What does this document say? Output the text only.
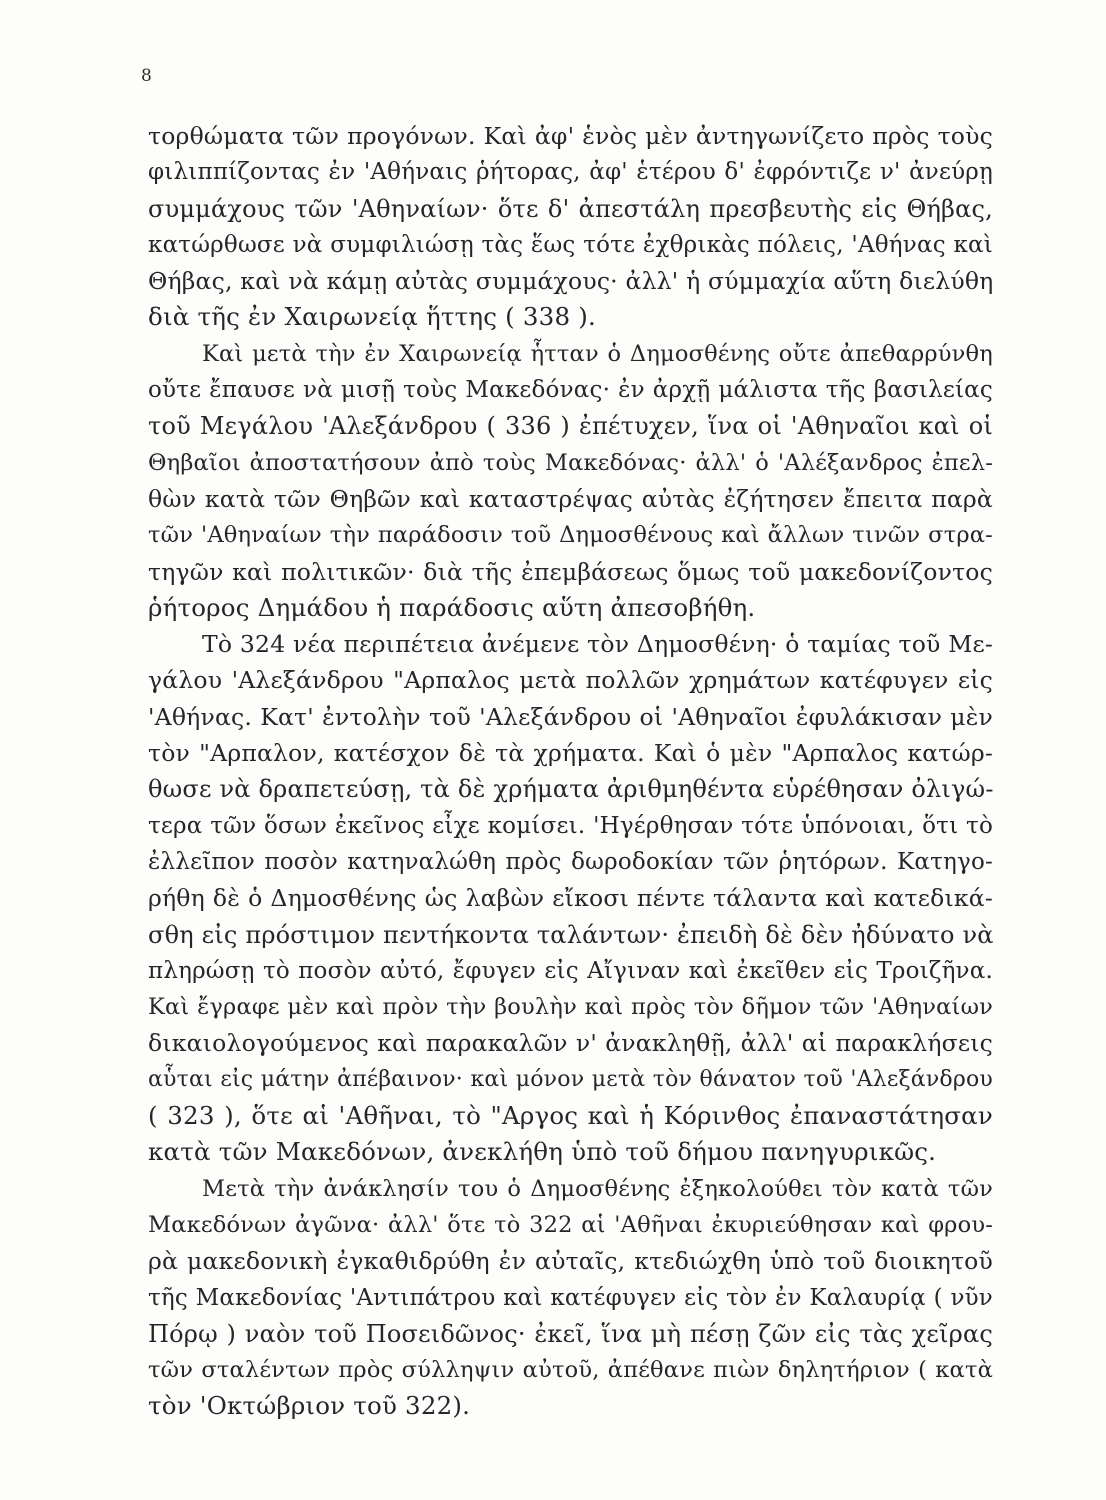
8
τορθώματα τῶν προγόνων. Καὶ ἀφ' ἑνὸς μὲν ἀντηγωνίζετο πρὸς τοὺς
φιλιππίζοντας ἐν 'Αθήναις ῥήτορας, ἀφ' ἑτέρου δ' ἐφρόντιζε ν' ἀνεύρῃ
συμμάχους τῶν 'Αθηναίων· ὅτε δ' ἀπεστάλη πρεσβευτὴς εἰς Θήβας,
κατώρθωσε νὰ συμφιλιώσῃ τὰς ἕως τότε ἐχθρικὰς πόλεις, 'Αθήνας καὶ
Θήβας, καὶ νὰ κάμῃ αὐτὰς συμμάχους· ἀλλ' ἡ σύμμαχία αὕτη διελύθη
διὰ τῆς ἐν Χαιρωνείᾳ ἥττης ( 338 ).
Καὶ μετὰ τὴν ἐν Χαιρωνείᾳ ἧτταν ὁ Δημοσθένης οὔτε ἀπεθαρρύνθη
οὔτε ἔπαυσε νὰ μισῇ τοὺς Μακεδόνας· ἐν ἀρχῇ μάλιστα τῆς βασιλείας
τοῦ Μεγάλου 'Αλεξάνδρου ( 336 ) ἐπέτυχεν, ἵνα οἱ 'Αθηναῖοι καὶ οἱ
Θηβαῖοι ἀποστατήσουν ἀπὸ τοὺς Μακεδόνας· ἀλλ' ὁ 'Αλέξανδρος ἐπελ-
θὼν κατὰ τῶν Θηβῶν καὶ καταστρέψας αὐτὰς ἐζήτησεν ἔπειτα παρὰ
τῶν 'Αθηναίων τὴν παράδοσιν τοῦ Δημοσθένους καὶ ἄλλων τινῶν στρα-
τηγῶν καὶ πολιτικῶν· διὰ τῆς ἐπεμβάσεως ὅμως τοῦ μακεδονίζοντος
ῥήτορος Δημάδου ἡ παράδοσις αὕτη ἀπεσοβήθη.
Τὸ 324 νέα περιπέτεια ἀνέμενε τὸν Δημοσθένη· ὁ ταμίας τοῦ Με-
γάλου 'Αλεξάνδρου "Αρπαλος μετὰ πολλῶν χρημάτων κατέφυγεν εἰς
'Αθήνας. Κατ' ἐντολὴν τοῦ 'Αλεξάνδρου οἱ 'Αθηναῖοι ἐφυλάκισαν μὲν
τὸν "Αρπαλον, κατέσχον δὲ τὰ χρήματα. Καὶ ὁ μὲν "Αρπαλος κατώρ-
θωσε νὰ δραπετεύσῃ, τὰ δὲ χρήματα ἀριθμηθέντα εὑρέθησαν ὀλιγώ-
τερα τῶν ὅσων ἐκεῖνος εἶχε κομίσει. 'Ηγέρθησαν τότε ὑπόνοιαι, ὅτι τὸ
ἐλλεῖπον ποσὸν κατηναλώθη πρὸς δωροδοκίαν τῶν ῥητόρων. Κατηγο-
ρήθη δὲ ὁ Δημοσθένης ὡς λαβὼν εἴκοσι πέντε τάλαντα καὶ κατεδικά-
σθη εἰς πρόστιμον πεντήκοντα ταλάντων· ἐπειδὴ δὲ δὲν ἠδύνατο νὰ
πληρώσῃ τὸ ποσὸν αὐτό, ἔφυγεν εἰς Αἴγιναν καὶ ἐκεῖθεν εἰς Τροιζῆνα.
Καὶ ἔγραφε μὲν καὶ πρὸν τὴν βουλὴν καὶ πρὸς τὸν δῆμον τῶν 'Αθηναίων
δικαιολογούμενος καὶ παρακαλῶν ν' ἀνακληθῇ, ἀλλ' αἱ παρακλήσεις
αὗται εἰς μάτην ἀπέβαινον· καὶ μόνον μετὰ τὸν θάνατον τοῦ 'Αλεξάνδρου
( 323 ), ὅτε αἱ 'Αθῆναι, τὸ "Αργος καὶ ἡ Κόρινθος ἐπαναστάτησαν
κατὰ τῶν Μακεδόνων, ἀνεκλήθη ὑπὸ τοῦ δήμου πανηγυρικῶς.
Μετὰ τὴν ἀνάκλησίν του ὁ Δημοσθένης ἐξηκολούθει τὸν κατὰ τῶν
Μακεδόνων ἀγῶνα· ἀλλ' ὅτε τὸ 322 αἱ 'Αθῆναι ἐκυριεύθησαν καὶ φρου-
ρὰ μακεδονικὴ ἐγκαθιδρύθη ἐν αὐταῖς, κτεδιώχθη ὑπὸ τοῦ διοικητοῦ
τῆς Μακεδονίας 'Αντιπάτρου καὶ κατέφυγεν εἰς τὸν ἐν Καλαυρίᾳ ( νῦν
Πόρῳ ) ναὸν τοῦ Ποσειδῶνος· ἐκεῖ, ἵνα μὴ πέσῃ ζῶν εἰς τὰς χεῖρας
τῶν σταλέντων πρὸς σύλληψιν αὐτοῦ, ἀπέθανε πιὼν δηλητήριον ( κατὰ
τὸν 'Οκτώβριον τοῦ 322).
